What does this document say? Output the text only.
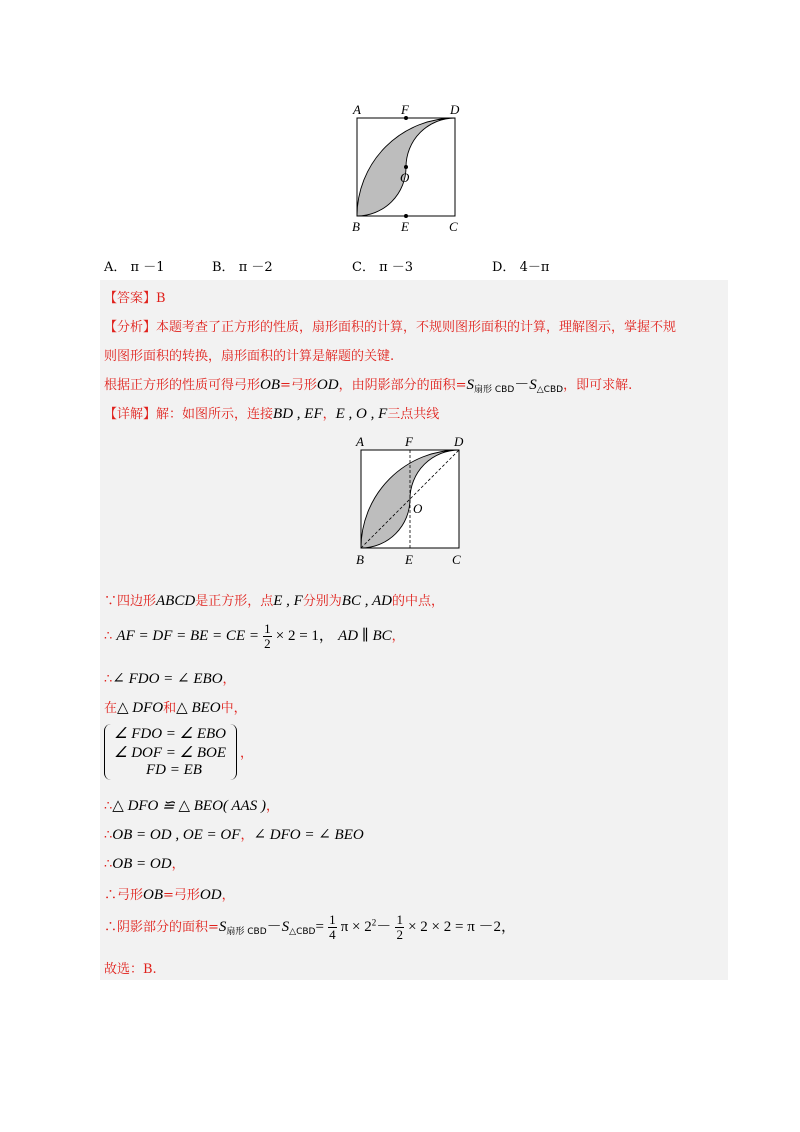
A	F	D
O
B	E	C
A． π －1	B． π －2	C． π －3	D． 4－π
【答案】B
【分析】本题考查了正方形的性质，扇形面积的计算，不规则图形面积的计算，理解图示，掌握不规
则图形面积的转换，扇形面积的计算是解题的关键.
根据正方形的性质可得弓形OB=弓形OD，由阴影部分的面积$=S_{扇形 CBD}-S_{\triangle CBD}$，即可求解.
【详解】解：如图所示，连接BD , EF，E , O , F三点共线
A	F	D
O
B	E	C
∵四边形ABCD是正方形，点E , F分别为BC , AD的中点，
∴ AF = DF = BE = CE = $\frac{1}{2} \times 2 = 1$， AD ∥ BC，
∴∠ FDO = ∠ EBO，
在△ DFO和△ BEO中，
∠ FDO = ∠ EBO
∠ DOF = ∠ BOE
FD = EB
，
∴△ DFO ≌ △ BEO( AAS )，
∴OB = OD , OE = OF，∠ DFO = ∠ BEO
∴OB = OD，
∴弓形OB=弓形OD，
∴阴影部分的面积$=S_{扇形 CBD}-S_{\triangle CBD}= \frac{1}{4}$ $\pi \times 2^2- \frac{1}{2} \times 2 \times 2 = \pi -2$，
故选：B.
